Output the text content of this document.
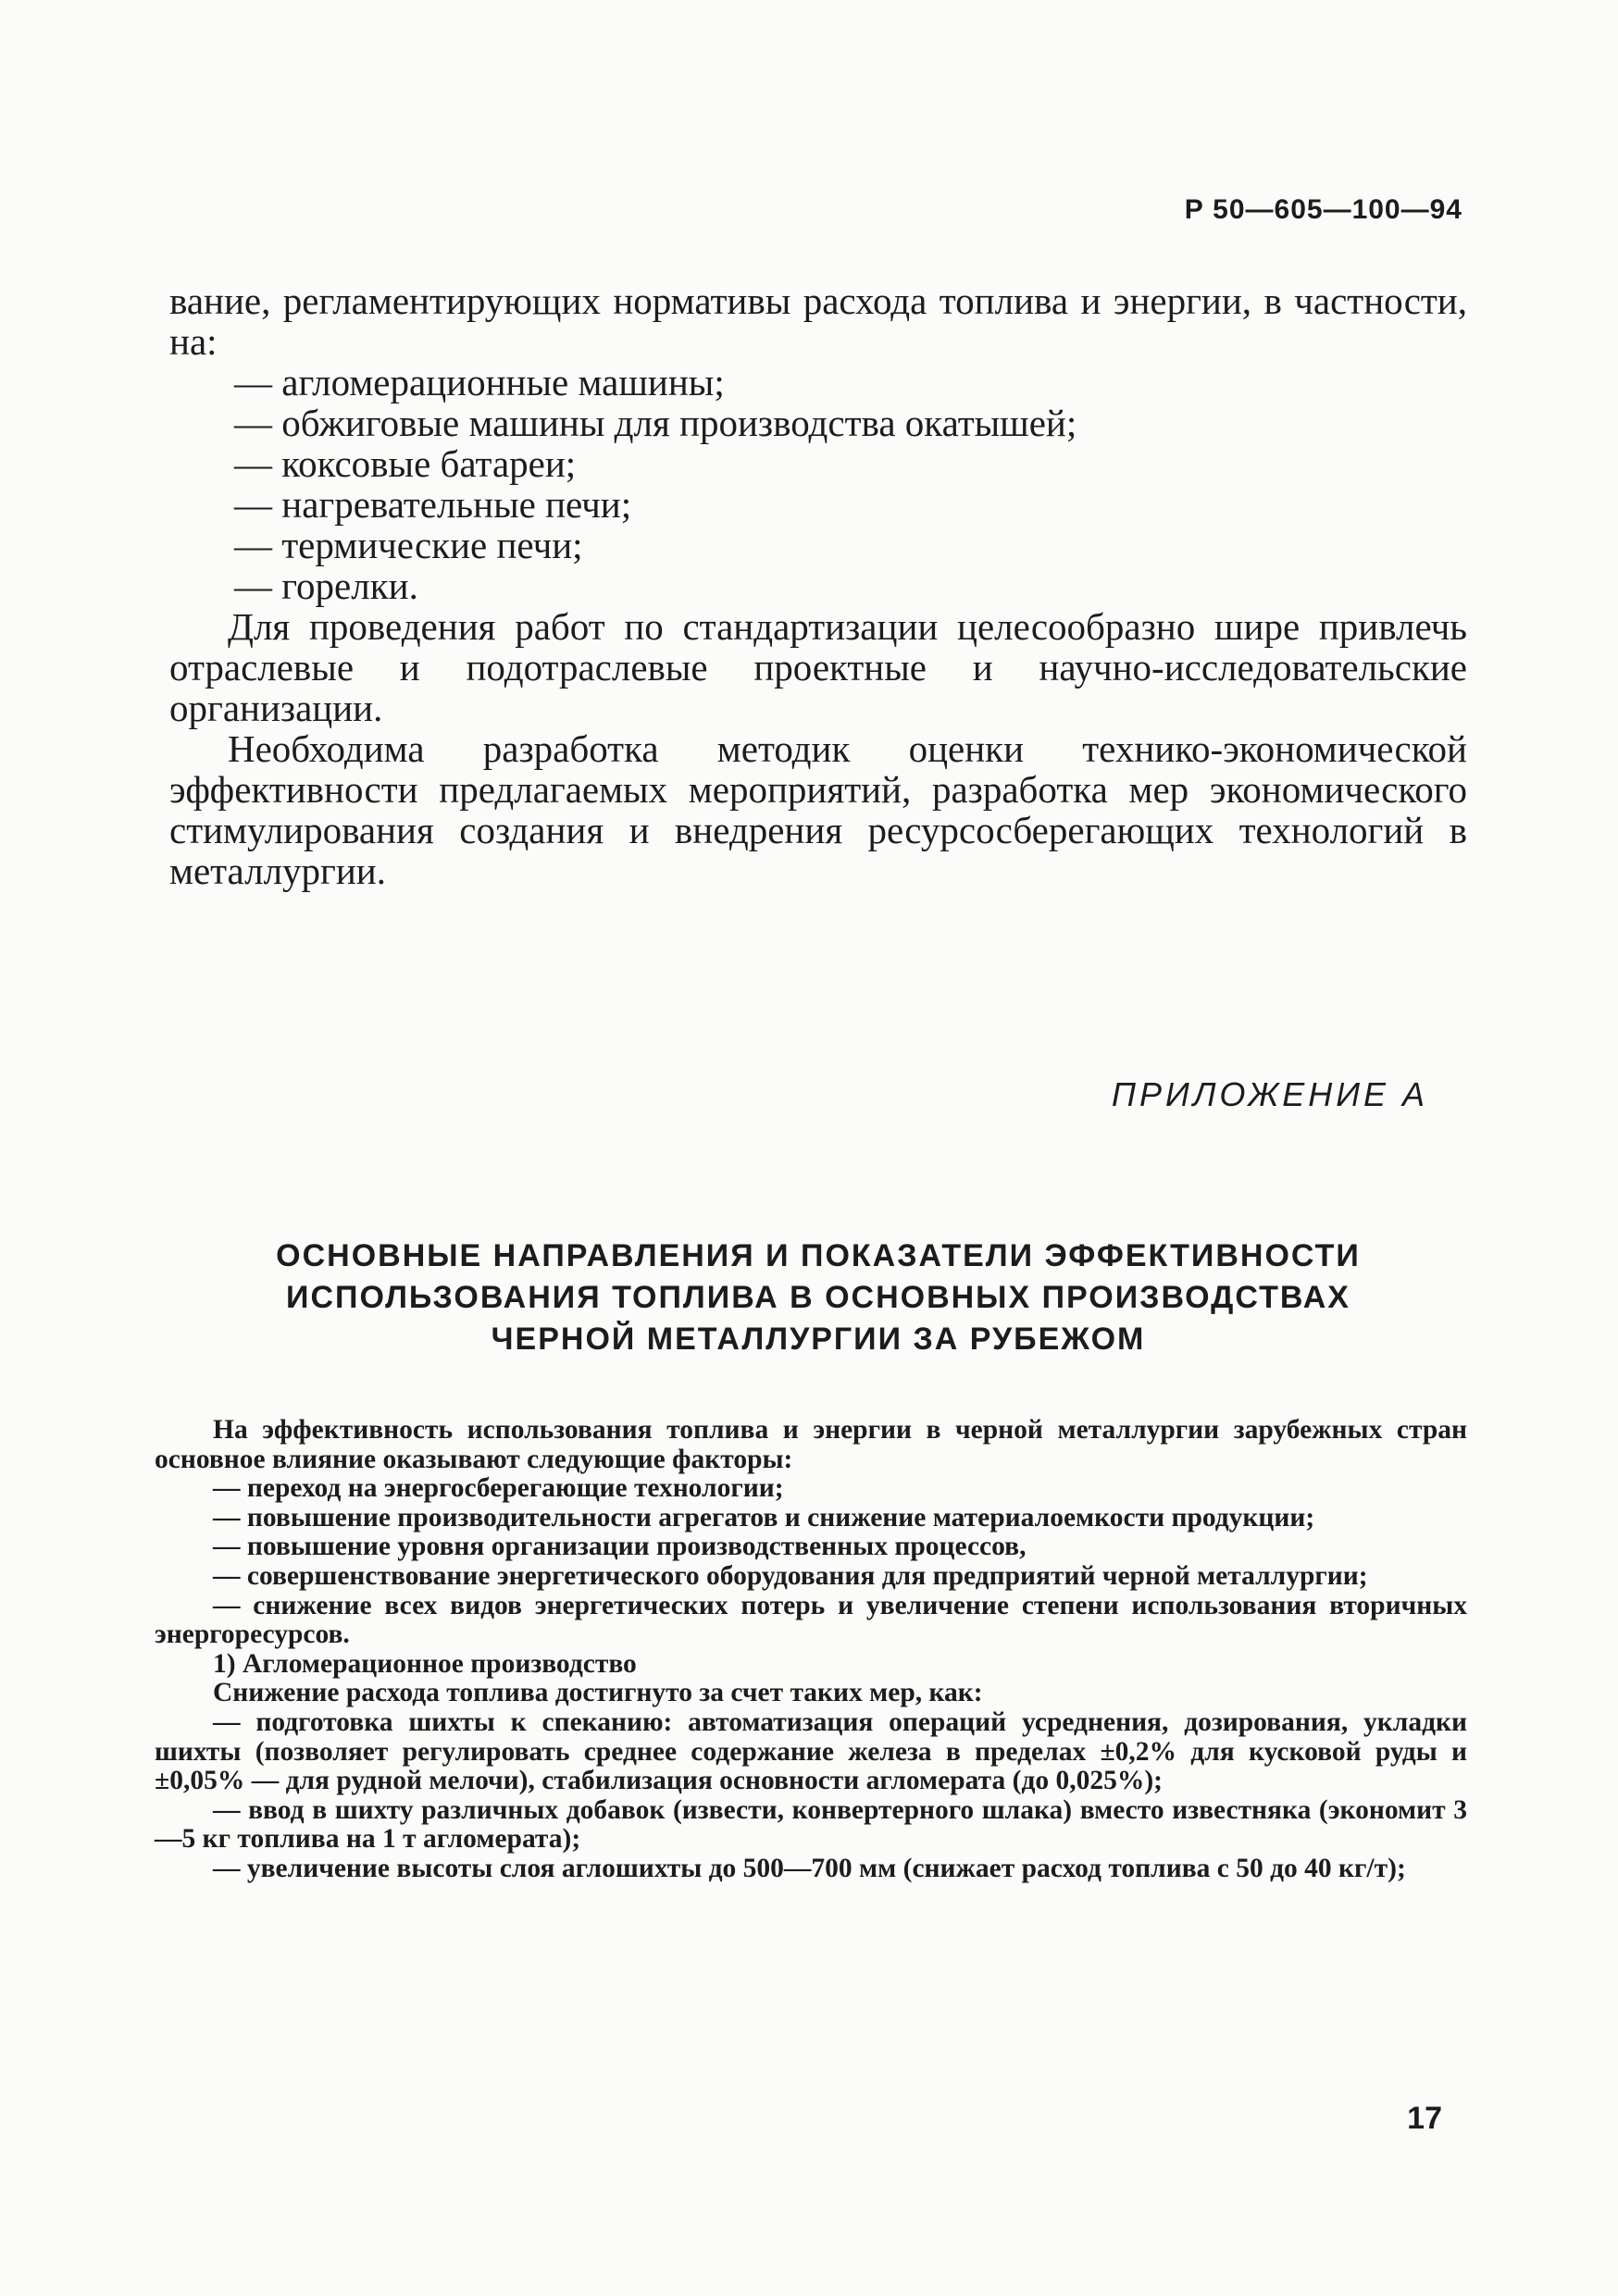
Р 50—605—100—94

вание, регламентирующих нормативы расхода топлива и энергии, в частности, на:

— агломерационные машины;
— обжиговые машины для производства окатышей;
— коксовые батареи;
— нагревательные печи;
— термические печи;
— горелки.

Для проведения работ по стандартизации целесообразно шире привлечь отраслевые и подотраслевые проектные и научно-исследовательские организации.

Необходима разработка методик оценки технико-экономической эффективности предлагаемых мероприятий, разработка мер экономического стимулирования создания и внедрения ресурсосберегающих технологий в металлургии.

ПРИЛОЖЕНИЕ А
ОСНОВНЫЕ НАПРАВЛЕНИЯ И ПОКАЗАТЕЛИ ЭФФЕКТИВНОСТИ
ИСПОЛЬЗОВАНИЯ ТОПЛИВА В ОСНОВНЫХ ПРОИЗВОДСТВАХ
ЧЕРНОЙ МЕТАЛЛУРГИИ ЗА РУБЕЖОМ

На эффективность использования топлива и энергии в черной металлургии зарубежных стран основное влияние оказывают следующие факторы:

— переход на энергосберегающие технологии;

— повышение производительности агрегатов и снижение материалоемкости продукции;

— повышение уровня организации производственных процессов,

— совершенствование энергетического оборудования для предприятий черной металлургии;

— снижение всех видов энергетических потерь и увеличение степени использования вторичных энергоресурсов.

1) Агломерационное производство

Снижение расхода топлива достигнуто за счет таких мер, как:

— подготовка шихты к спеканию: автоматизация операций усреднения, дозирования, укладки шихты (позволяет регулировать среднее содержание железа в пределах ±0,2% для кусковой руды и ±0,05% — для рудной мелочи), стабилизация основности агломерата (до 0,025%);

— ввод в шихту различных добавок (извести, конвертерного шлака) вместо известняка (экономит 3—5 кг топлива на 1 т агломерата);

— увеличение высоты слоя аглошихты до 500—700 мм (снижает расход топлива с 50 до 40 кг/т);

17
